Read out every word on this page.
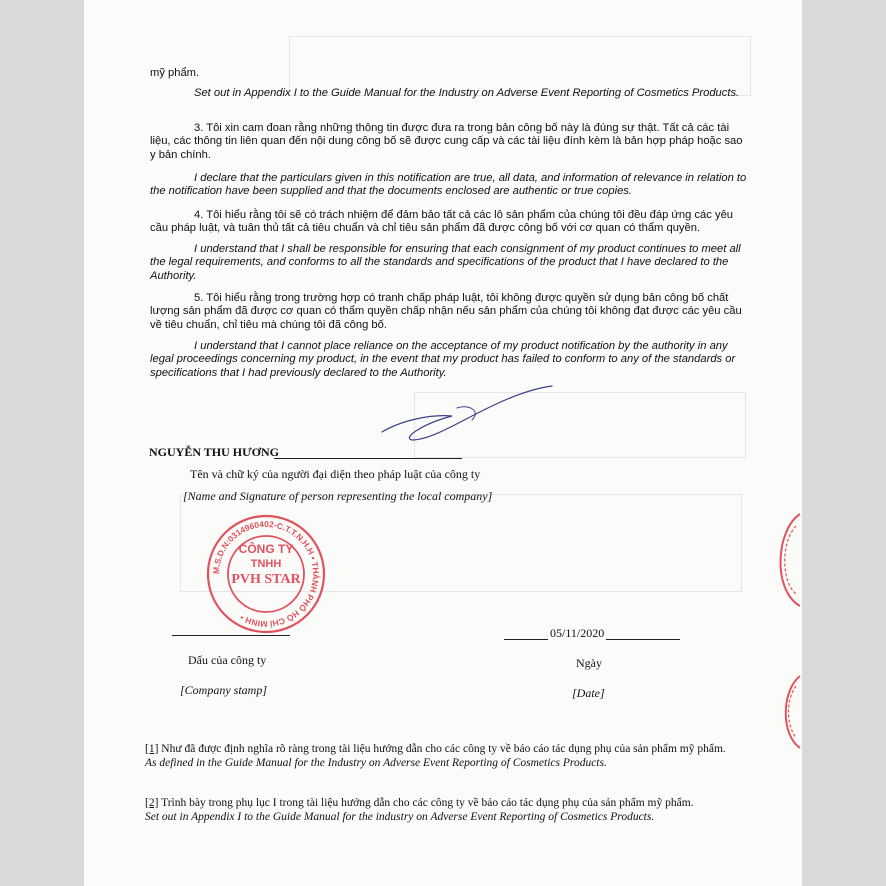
mỹ phẩm.

Set out in Appendix I to the Guide Manual for the Industry on Adverse Event Reporting of Cosmetics Products.

3. Tôi xin cam đoan rằng những thông tin được đưa ra trong bản công bố này là đúng sự thật. Tất cả các tài liệu, các thông tin liên quan đến nội dung công bố sẽ được cung cấp và các tài liệu đính kèm là bản hợp pháp hoặc sao y bản chính.

I declare that the particulars given in this notification are true, all data, and information of relevance in relation to the notification have been supplied and that the documents enclosed are authentic or true copies.

4. Tôi hiểu rằng tôi sẽ có trách nhiệm để đảm bảo tất cả các lô sản phẩm của chúng tôi đều đáp ứng các yêu cầu pháp luật, và tuân thủ tất cả tiêu chuẩn và chỉ tiêu sản phẩm đã được công bố với cơ quan có thẩm quyền.

I understand that I shall be responsible for ensuring that each consignment of my product continues to meet all the legal requirements, and conforms to all the standards and specifications of the product that I have declared to the Authority.

5. Tôi hiểu rằng trong trường hợp có tranh chấp pháp luật, tôi không được quyền sử dụng bản công bố chất lượng sản phẩm đã được cơ quan có thẩm quyền chấp nhận nếu sản phẩm của chúng tôi không đạt được các yêu cầu về tiêu chuẩn, chỉ tiêu mà chúng tôi đã công bố.

I understand that I cannot place reliance on the acceptance of my product notification by the authority in any legal proceedings concerning my product, in the event that my product has failed to conform to any of the standards or specifications that I had previously declared to the Authority.

NGUYỄN THU HƯƠNG
Tên và chữ ký của người đại diện theo pháp luật của công ty
[Name and Signature of person representing the local company]
M.S.D.N:0314960402-C.T.T.N.H.H • THÀNH PHỐ HỒ CHÍ MINH •
CÔNG TY
TNHH
PVH STAR
05/11/2020
Dấu của công ty	Ngày
[Company stamp]	[Date]
[1] Như đã được định nghĩa rõ ràng trong tài liệu hướng dẫn cho các công ty về báo cáo tác dụng phụ của sản phẩm mỹ phẩm.
As defined in the Guide Manual for the Industry on Adverse Event Reporting of Cosmetics Products.
[2] Trình bày trong phụ lục I trong tài liệu hướng dẫn cho các công ty về báo cáo tác dụng phụ của sản phẩm mỹ phẩm.
Set out in Appendix I to the Guide Manual for the industry on Adverse Event Reporting of Cosmetics Products.
